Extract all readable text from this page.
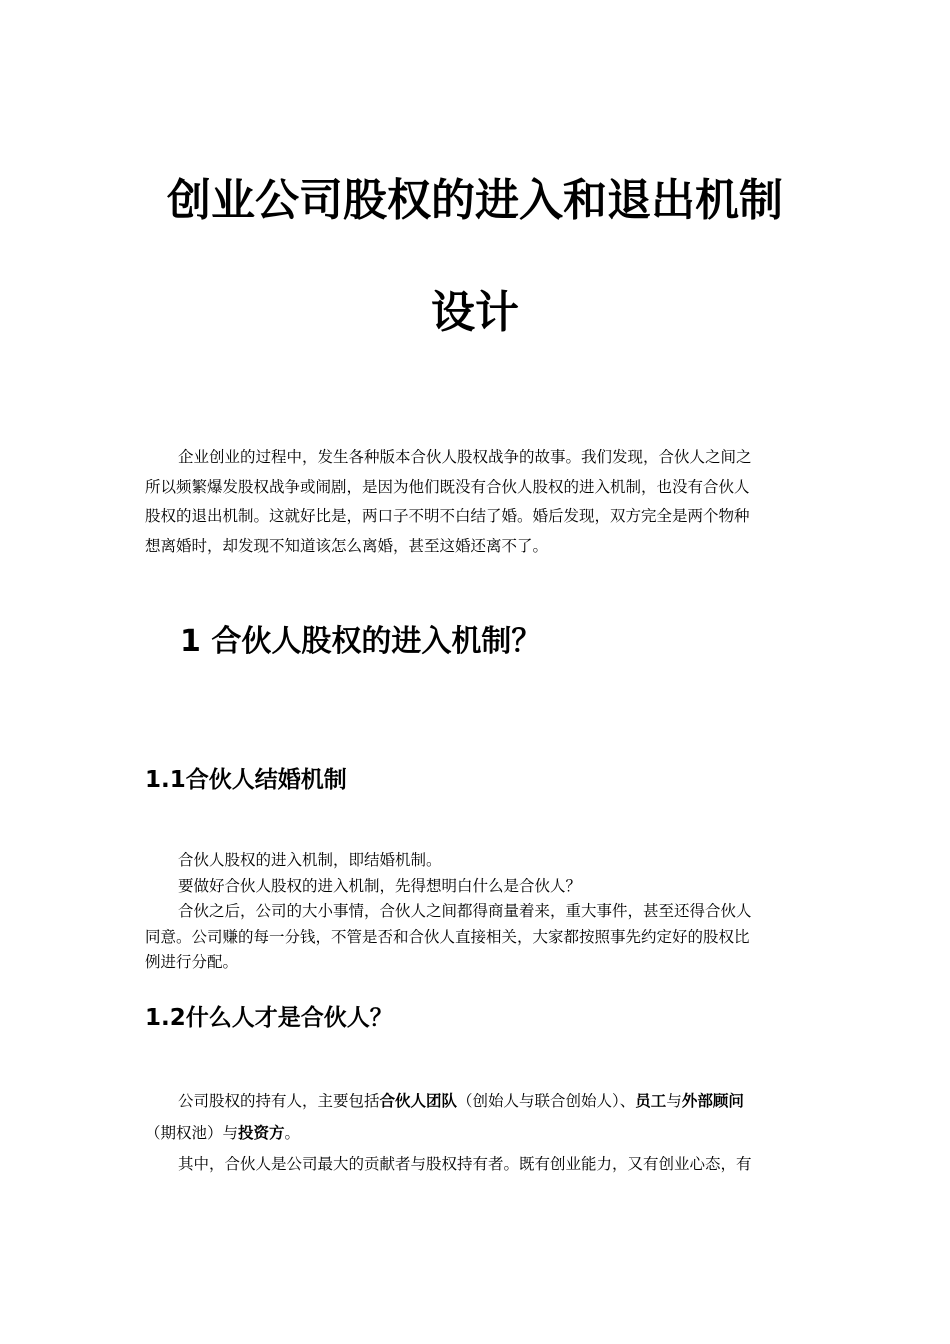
创业公司股权的进入和退出机制
设计
企业创业的过程中，发生各种版本合伙人股权战争的故事。我们发现，合伙人之间之
所以频繁爆发股权战争或闹剧，是因为他们既没有合伙人股权的进入机制，也没有合伙人
股权的退出机制。这就好比是，两口子不明不白结了婚。婚后发现，双方完全是两个物种
想离婚时，却发现不知道该怎么离婚，甚至这婚还离不了。
1 合伙人股权的进入机制？
1.1合伙人结婚机制
合伙人股权的进入机制，即结婚机制。
要做好合伙人股权的进入机制，先得想明白什么是合伙人？
合伙之后，公司的大小事情，合伙人之间都得商量着来，重大事件，甚至还得合伙人
同意。公司赚的每一分钱，不管是否和合伙人直接相关，大家都按照事先约定好的股权比
例进行分配。
1.2什么人才是合伙人？
公司股权的持有人，主要包括合伙人团队（创始人与联合创始人）、员工与外部顾问
（期权池）与投资方。
其中，合伙人是公司最大的贡献者与股权持有者。既有创业能力，又有创业心态，有
